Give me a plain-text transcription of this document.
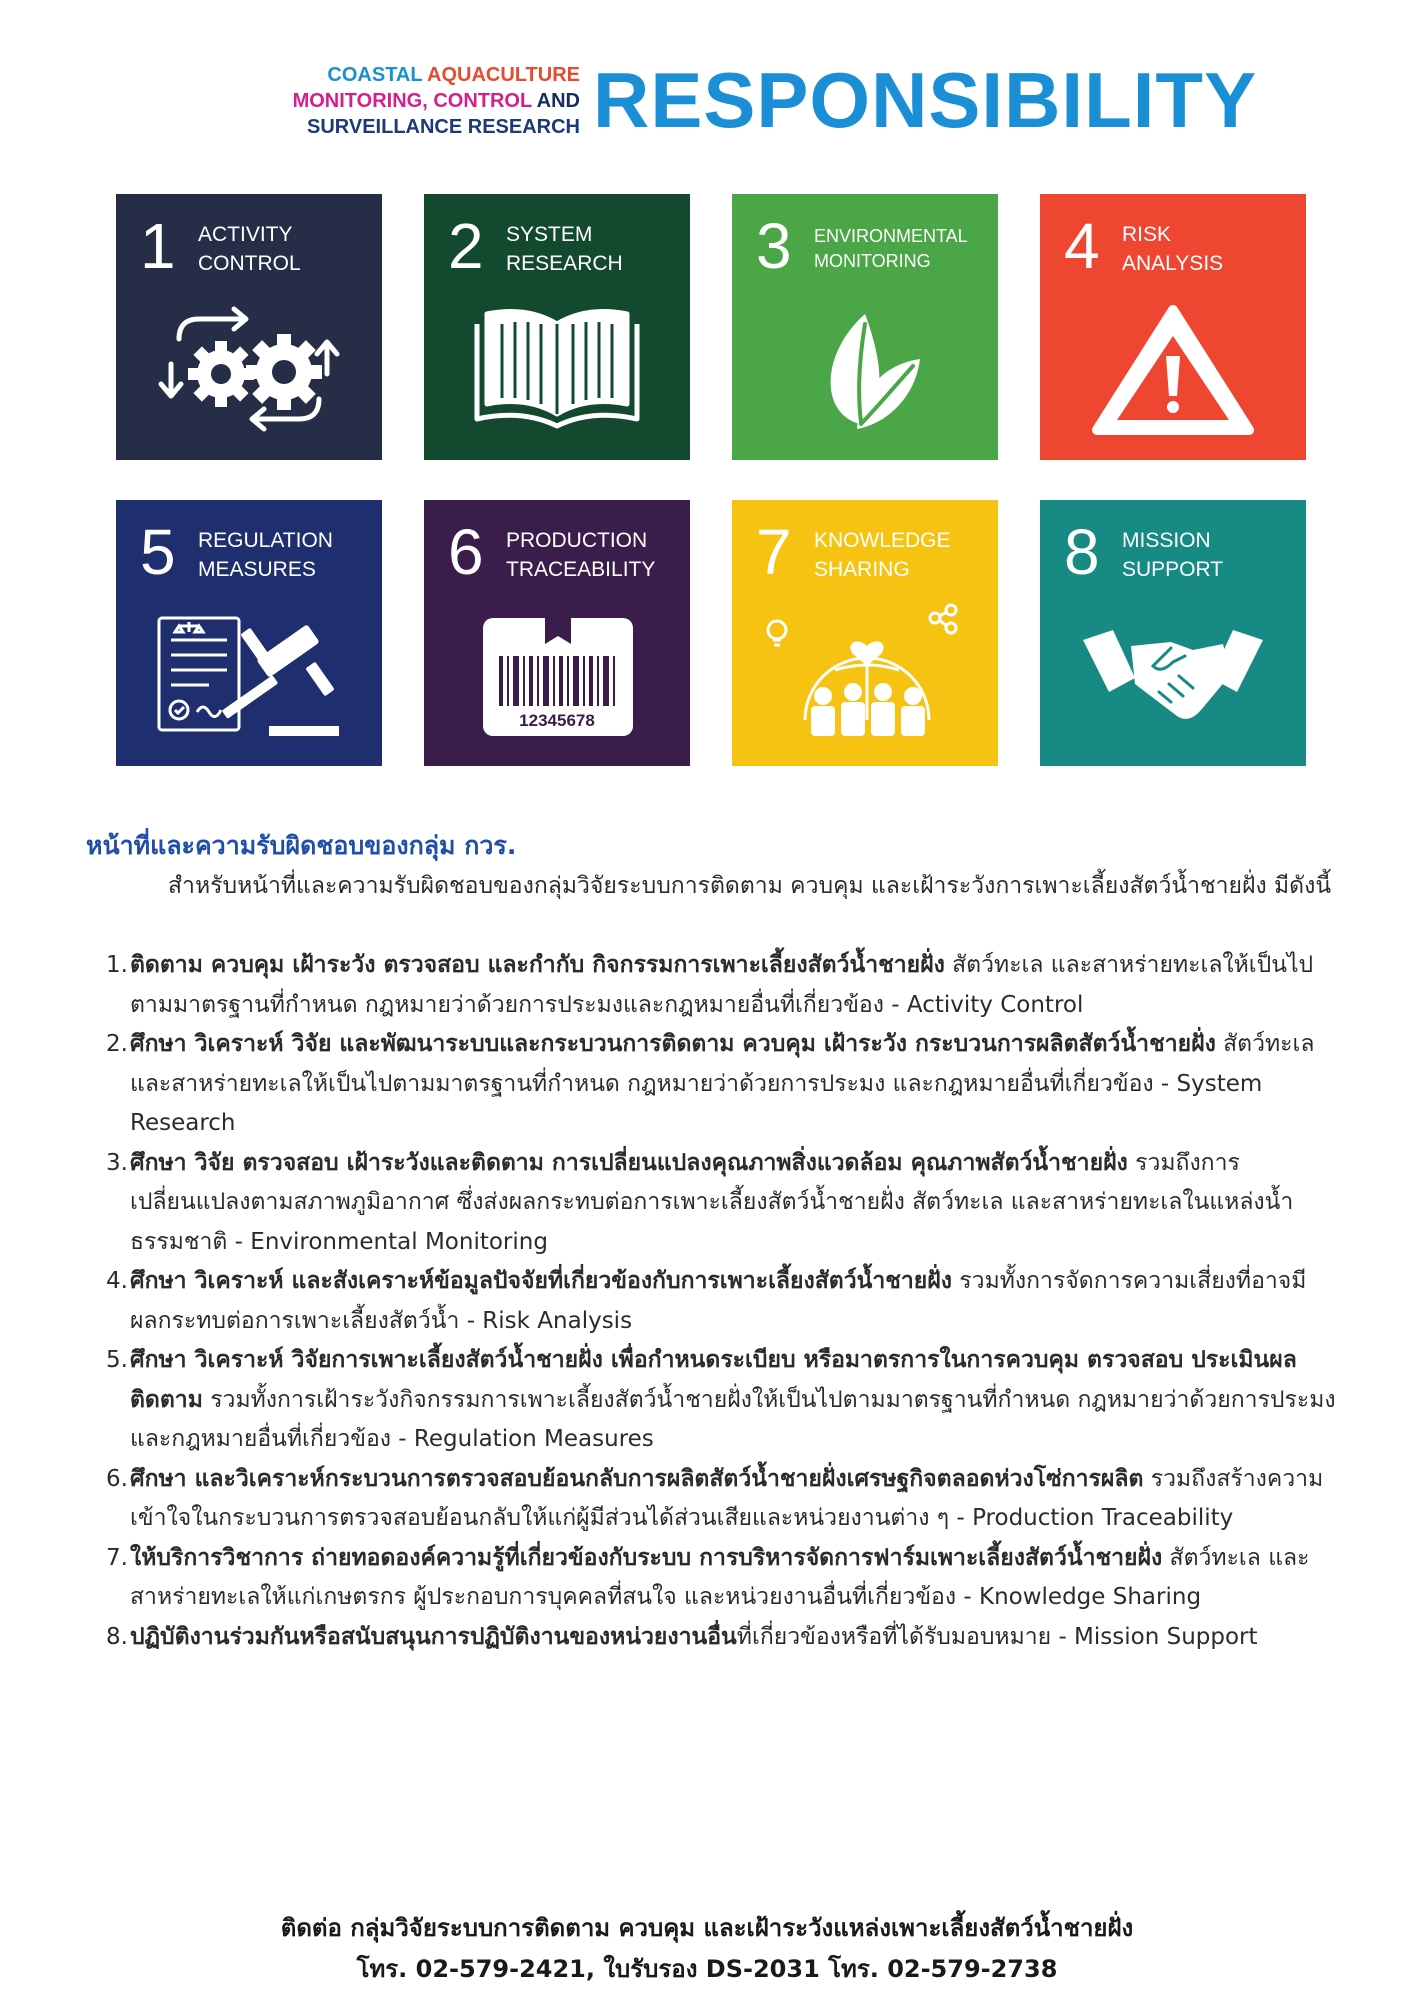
COASTAL AQUACULTURE
MONITORING, CONTROL AND
SURVEILLANCE RESEARCH RESPONSIBILITY
1 ACTIVITY
CONTROL	2 SYSTEM
RESEARCH	3 ENVIRONMENTAL
MONITORING	4 RISK
ANALYSIS
5 REGULATION
MEASURES	6 PRODUCTION
TRACEABILITY
12345678
7 KNOWLEDGE
SHARING	8 MISSION
SUPPORT
หน้าที่และความรับผิดชอบของกลุ่ม กวร.

สำหรับหน้าที่และความรับผิดชอบของกลุ่มวิจัยระบบการติดตาม ควบคุม และเฝ้าระวังการเพาะเลี้ยงสัตว์น้ำชายฝั่ง มีดังนี้

1. ติดตาม ควบคุม เฝ้าระวัง ตรวจสอบ และกำกับ กิจกรรมการเพาะเลี้ยงสัตว์น้ำชายฝั่ง สัตว์ทะเล และสาหร่ายทะเลให้เป็นไปตามมาตรฐานที่กำหนด กฎหมายว่าด้วยการประมงและกฎหมายอื่นที่เกี่ยวข้อง - Activity Control
2. ศึกษา วิเคราะห์ วิจัย และพัฒนาระบบและกระบวนการติดตาม ควบคุม เฝ้าระวัง กระบวนการผลิตสัตว์น้ำชายฝั่ง สัตว์ทะเลและสาหร่ายทะเลให้เป็นไปตามมาตรฐานที่กำหนด กฎหมายว่าด้วยการประมง และกฎหมายอื่นที่เกี่ยวข้อง - System Research
3. ศึกษา วิจัย ตรวจสอบ เฝ้าระวังและติดตาม การเปลี่ยนแปลงคุณภาพสิ่งแวดล้อม คุณภาพสัตว์น้ำชายฝั่ง รวมถึงการเปลี่ยนแปลงตามสภาพภูมิอากาศ ซึ่งส่งผลกระทบต่อการเพาะเลี้ยงสัตว์น้ำชายฝั่ง สัตว์ทะเล และสาหร่ายทะเลในแหล่งน้ำธรรมชาติ - Environmental Monitoring
4. ศึกษา วิเคราะห์ และสังเคราะห์ข้อมูลปัจจัยที่เกี่ยวข้องกับการเพาะเลี้ยงสัตว์น้ำชายฝั่ง รวมทั้งการจัดการความเสี่ยงที่อาจมีผลกระทบต่อการเพาะเลี้ยงสัตว์น้ำ - Risk Analysis
5. ศึกษา วิเคราะห์ วิจัยการเพาะเลี้ยงสัตว์น้ำชายฝั่ง เพื่อกำหนดระเบียบ หรือมาตรการในการควบคุม ตรวจสอบ ประเมินผล ติดตาม รวมทั้งการเฝ้าระวังกิจกรรมการเพาะเลี้ยงสัตว์น้ำชายฝั่งให้เป็นไปตามมาตรฐานที่กำหนด กฎหมายว่าด้วยการประมง และกฎหมายอื่นที่เกี่ยวข้อง - Regulation Measures
6. ศึกษา และวิเคราะห์กระบวนการตรวจสอบย้อนกลับการผลิตสัตว์น้ำชายฝั่งเศรษฐกิจตลอดห่วงโซ่การผลิต รวมถึงสร้างความเข้าใจในกระบวนการตรวจสอบย้อนกลับให้แก่ผู้มีส่วนได้ส่วนเสียและหน่วยงานต่าง ๆ - Production Traceability
7. ให้บริการวิชาการ ถ่ายทอดองค์ความรู้ที่เกี่ยวข้องกับระบบ การบริหารจัดการฟาร์มเพาะเลี้ยงสัตว์น้ำชายฝั่ง สัตว์ทะเล และสาหร่ายทะเลให้แก่เกษตรกร ผู้ประกอบการบุคคลที่สนใจ และหน่วยงานอื่นที่เกี่ยวข้อง - Knowledge Sharing
8. ปฏิบัติงานร่วมกันหรือสนับสนุนการปฏิบัติงานของหน่วยงานอื่นที่เกี่ยวข้องหรือที่ได้รับมอบหมาย - Mission Support
ติดต่อ กลุ่มวิจัยระบบการติดตาม ควบคุม และเฝ้าระวังแหล่งเพาะเลี้ยงสัตว์น้ำชายฝั่ง
โทร. 02-579-2421, ใบรับรอง DS-2031 โทร. 02-579-2738
